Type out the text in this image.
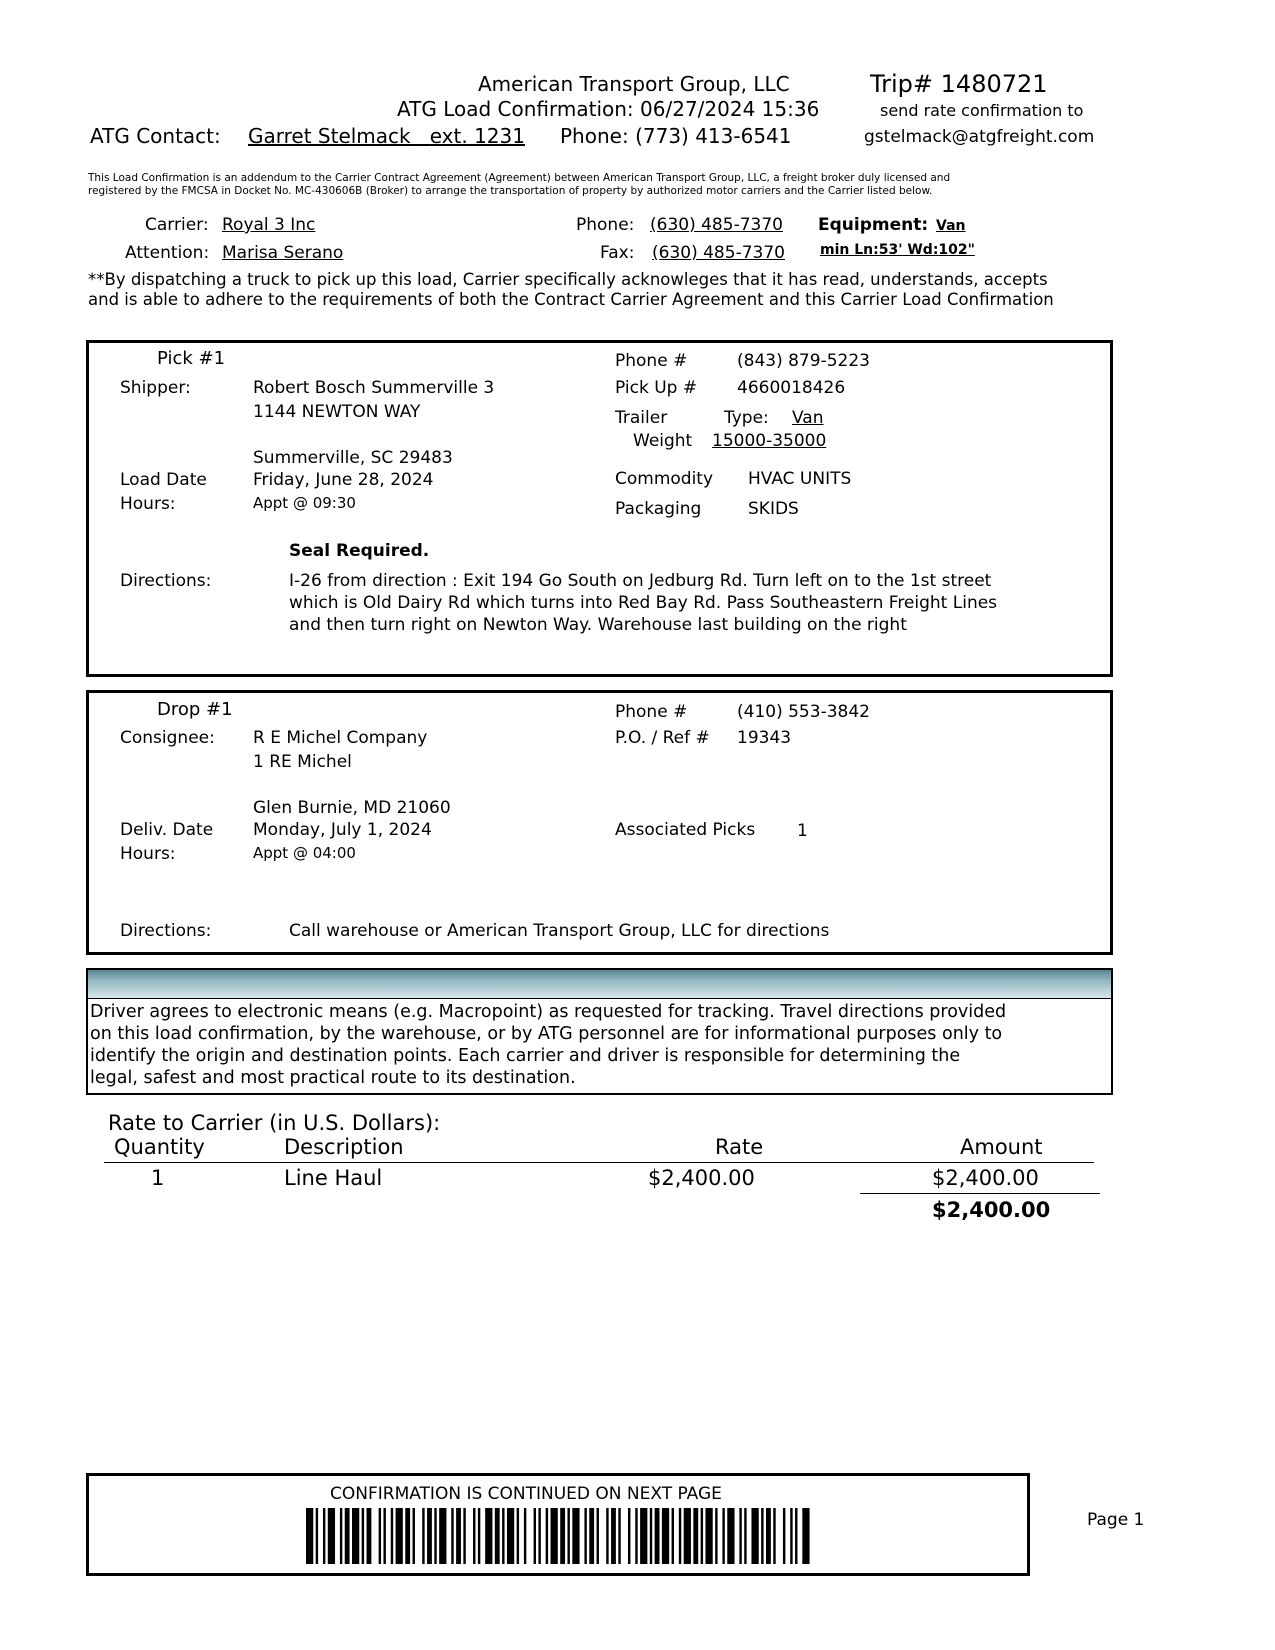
American Transport Group, LLC
ATG Load Confirmation: 06/27/2024 15:36
Trip# 1480721
send rate confirmation to
ATG Contact: Garret Stelmack ext. 1231 Phone: (773) 413-6541	gstelmack@atgfreight.com
This Load Confirmation is an addendum to the Carrier Contract Agreement (Agreement) between American Transport Group, LLC, a freight broker duly licensed and
registered by the FMCSA in Docket No. MC-430606B (Broker) to arrange the transportation of property by authorized motor carriers and the Carrier listed below.
Carrier: Royal 3 Inc
Attention: Marisa Serano
Phone: (630) 485-7370
Fax: (630) 485-7370
Equipment: Van
min Ln:53' Wd:102"
**By dispatching a truck to pick up this load, Carrier specifically acknowleges that it has read, understands, accepts
and is able to adhere to the requirements of both the Contract Carrier Agreement and this Carrier Load Confirmation
Pick #1
Shipper:	Robert Bosch Summerville 3
1144 NEWTON WAY
Summerville, SC 29483
Load Date	Friday, June 28, 2024
Hours:	Appt @ 09:30
Phone #	(843) 879-5223
Pick Up # 4660018426
Trailer	Type: Van
Weight 15000-35000
Commodity HVAC UNITS
Packaging	SKIDS
Seal Required.
Directions:	I-26 from direction : Exit 194 Go South on Jedburg Rd. Turn left on to the 1st street
which is Old Dairy Rd which turns into Red Bay Rd. Pass Southeastern Freight Lines
and then turn right on Newton Way. Warehouse last building on the right
Drop #1
Consignee: R E Michel Company
1 RE Michel
Glen Burnie, MD 21060
Deliv. Date Monday, July 1, 2024
Hours:	Appt @ 04:00
Phone #	(410) 553-3842
P.O. / Ref # 19343
Associated Picks 1
Directions:	Call warehouse or American Transport Group, LLC for directions
Driver agrees to electronic means (e.g. Macropoint) as requested for tracking. Travel directions provided
on this load confirmation, by the warehouse, or by ATG personnel are for informational purposes only to
identify the origin and destination points. Each carrier and driver is responsible for determining the
legal, safest and most practical route to its destination.
Rate to Carrier (in U.S. Dollars):
Quantity	Description	Rate	Amount
1	Line Haul	$2,400.00	$2,400.00
$2,400.00
CONFIRMATION IS CONTINUED ON NEXT PAGE
Page 1
